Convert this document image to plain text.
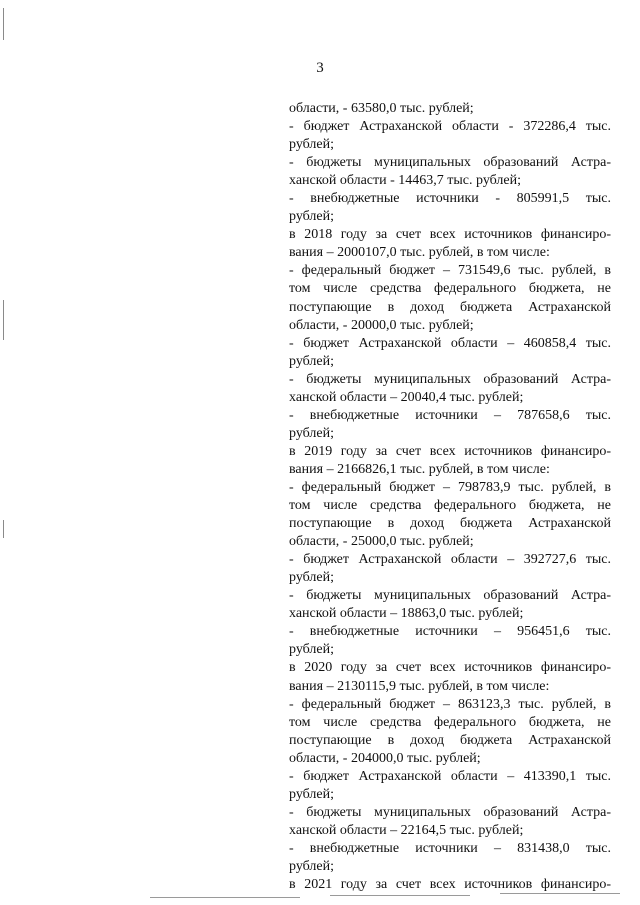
3
области, - 63580,0 тыс. рублей;
- бюджет Астраханской области - 372286,4 тыс.
рублей;
- бюджеты муниципальных образований Астра-
ханской области - 14463,7 тыс. рублей;
- внебюджетные источники - 805991,5 тыс.
рублей;
в 2018 году за счет всех источников финансиро-
вания – 2000107,0 тыс. рублей, в том числе:
- федеральный бюджет – 731549,6 тыс. рублей, в
том числе средства федерального бюджета, не
поступающие в доход бюджета Астраханской
области, - 20000,0 тыс. рублей;
- бюджет Астраханской области – 460858,4 тыс.
рублей;
- бюджеты муниципальных образований Астра-
ханской области – 20040,4 тыс. рублей;
- внебюджетные источники – 787658,6 тыс.
рублей;
в 2019 году за счет всех источников финансиро-
вания – 2166826,1 тыс. рублей, в том числе:
- федеральный бюджет – 798783,9 тыс. рублей, в
том числе средства федерального бюджета, не
поступающие в доход бюджета Астраханской
области, - 25000,0 тыс. рублей;
- бюджет Астраханской области – 392727,6 тыс.
рублей;
- бюджеты муниципальных образований Астра-
ханской области – 18863,0 тыс. рублей;
- внебюджетные источники – 956451,6 тыс.
рублей;
в 2020 году за счет всех источников финансиро-
вания – 2130115,9 тыс. рублей, в том числе:
- федеральный бюджет – 863123,3 тыс. рублей, в
том числе средства федерального бюджета, не
поступающие в доход бюджета Астраханской
области, - 204000,0 тыс. рублей;
- бюджет Астраханской области – 413390,1 тыс.
рублей;
- бюджеты муниципальных образований Астра-
ханской области – 22164,5 тыс. рублей;
- внебюджетные источники – 831438,0 тыс.
рублей;
в 2021 году за счет всех источников финансиро-
